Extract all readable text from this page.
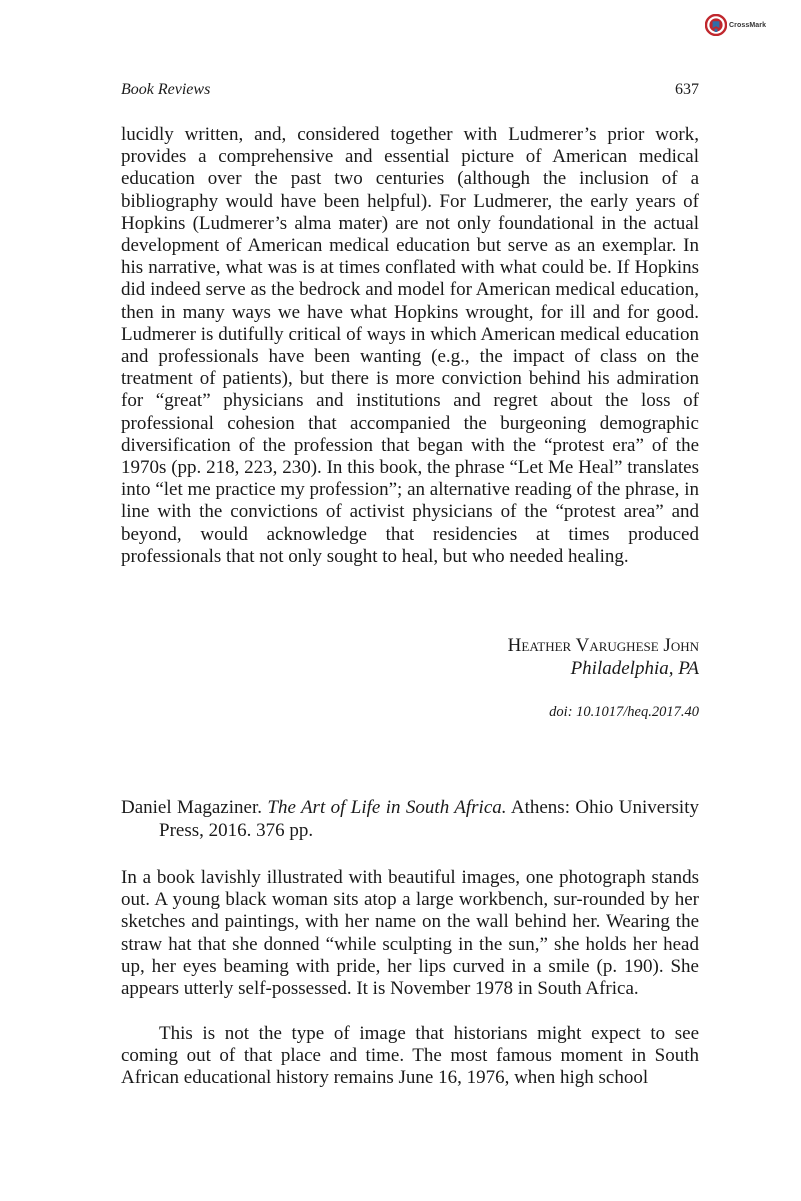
CrossMark
Book Reviews	637

lucidly written, and, considered together with Ludmerer’s prior work, provides a comprehensive and essential picture of American medical education over the past two centuries (although the inclusion of a bibliography would have been helpful). For Ludmerer, the early years of Hopkins (Ludmerer’s alma mater) are not only foundational in the actual development of American medical education but serve as an exemplar. In his narrative, what was is at times conflated with what could be. If Hopkins did indeed serve as the bedrock and model for American medical education, then in many ways we have what Hopkins wrought, for ill and for good. Ludmerer is dutifully critical of ways in which American medical education and professionals have been wanting (e.g., the impact of class on the treatment of patients), but there is more conviction behind his admiration for “great” physicians and institutions and regret about the loss of professional cohesion that accompanied the burgeoning demographic diversification of the profession that began with the “protest era” of the 1970s (pp. 218, 223, 230). In this book, the phrase “Let Me Heal” translates into “let me practice my profession”; an alternative reading of the phrase, in line with the convictions of activist physicians of the “protest area” and beyond, would acknowledge that residencies at times produced professionals that not only sought to heal, but who needed healing.

Heather Varughese John
Philadelphia, PA
doi: 10.1017/heq.2017.40

Daniel Magaziner. The Art of Life in South Africa. Athens: Ohio University Press, 2016. 376 pp.

In a book lavishly illustrated with beautiful images, one photograph stands out. A young black woman sits atop a large workbench, sur-rounded by her sketches and paintings, with her name on the wall behind her. Wearing the straw hat that she donned “while sculpting in the sun,” she holds her head up, her eyes beaming with pride, her lips curved in a smile (p. 190). She appears utterly self-possessed. It is November 1978 in South Africa.

This is not the type of image that historians might expect to see coming out of that place and time. The most famous moment in South African educational history remains June 16, 1976, when high school
